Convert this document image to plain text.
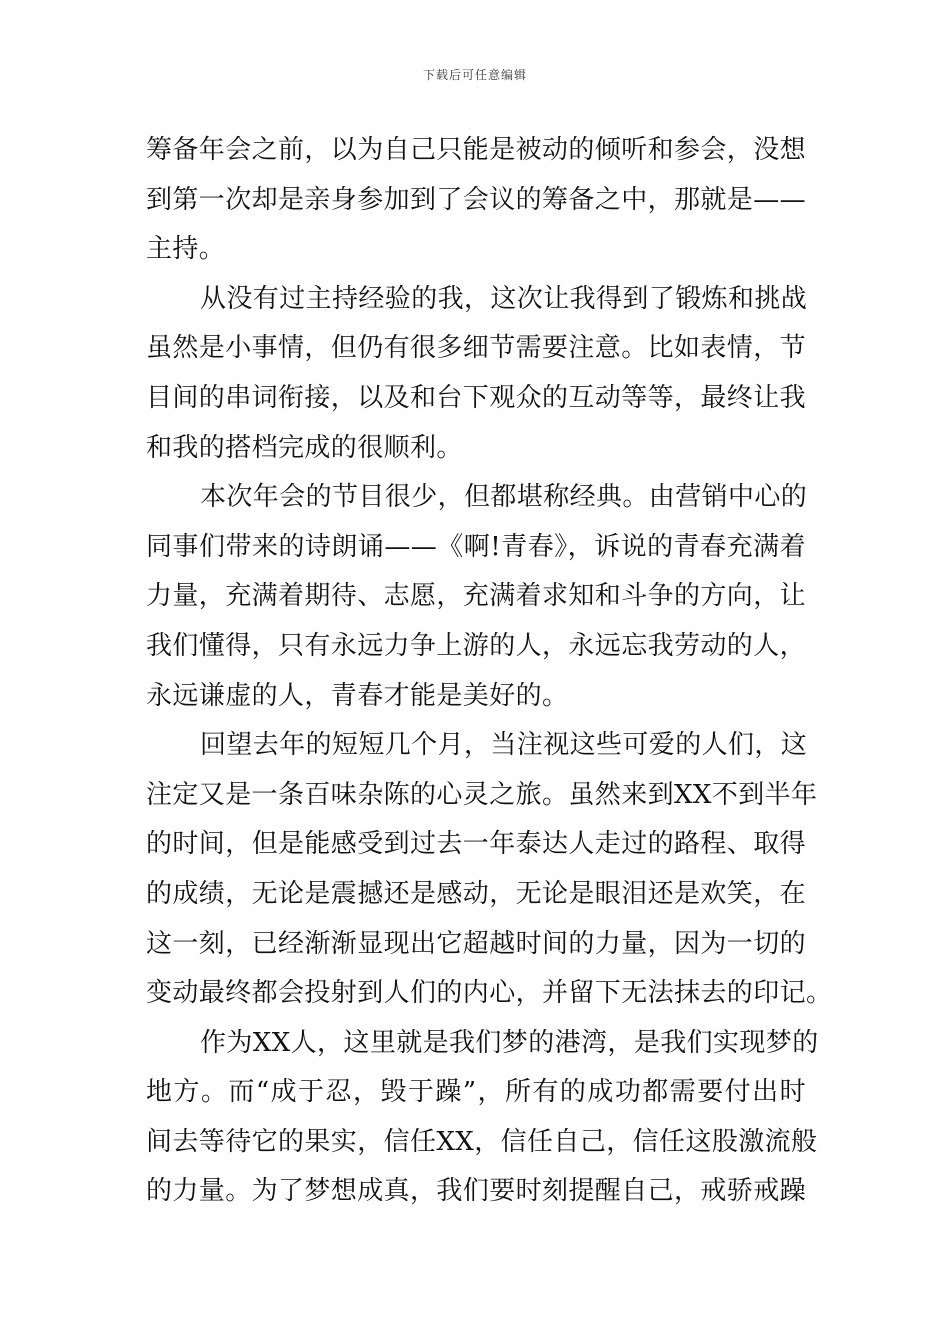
下载后可任意编辑
筹备年会之前，以为自己只能是被动的倾听和参会，没想
到第一次却是亲身参加到了会议的筹备之中，那就是——
主持。
从没有过主持经验的我，这次让我得到了锻炼和挑战
虽然是小事情，但仍有很多细节需要注意。比如表情，节
目间的串词衔接，以及和台下观众的互动等等，最终让我
和我的搭档完成的很顺利。
本次年会的节目很少，但都堪称经典。由营销中心的
同事们带来的诗朗诵——《啊!青春》，诉说的青春充满着
力量，充满着期待、志愿，充满着求知和斗争的方向，让
我们懂得，只有永远力争上游的人，永远忘我劳动的人，
永远谦虚的人，青春才能是美好的。
回望去年的短短几个月，当注视这些可爱的人们，这
注定又是一条百味杂陈的心灵之旅。虽然来到XX不到半年
的时间，但是能感受到过去一年泰达人走过的路程、取得
的成绩，无论是震撼还是感动，无论是眼泪还是欢笑，在
这一刻，已经渐渐显现出它超越时间的力量，因为一切的
变动最终都会投射到人们的内心，并留下无法抹去的印记。
作为XX人，这里就是我们梦的港湾，是我们实现梦的
地方。而“成于忍，毁于躁”，所有的成功都需要付出时
间去等待它的果实，信任XX，信任自己，信任这股激流般
的力量。为了梦想成真，我们要时刻提醒自己，戒骄戒躁
